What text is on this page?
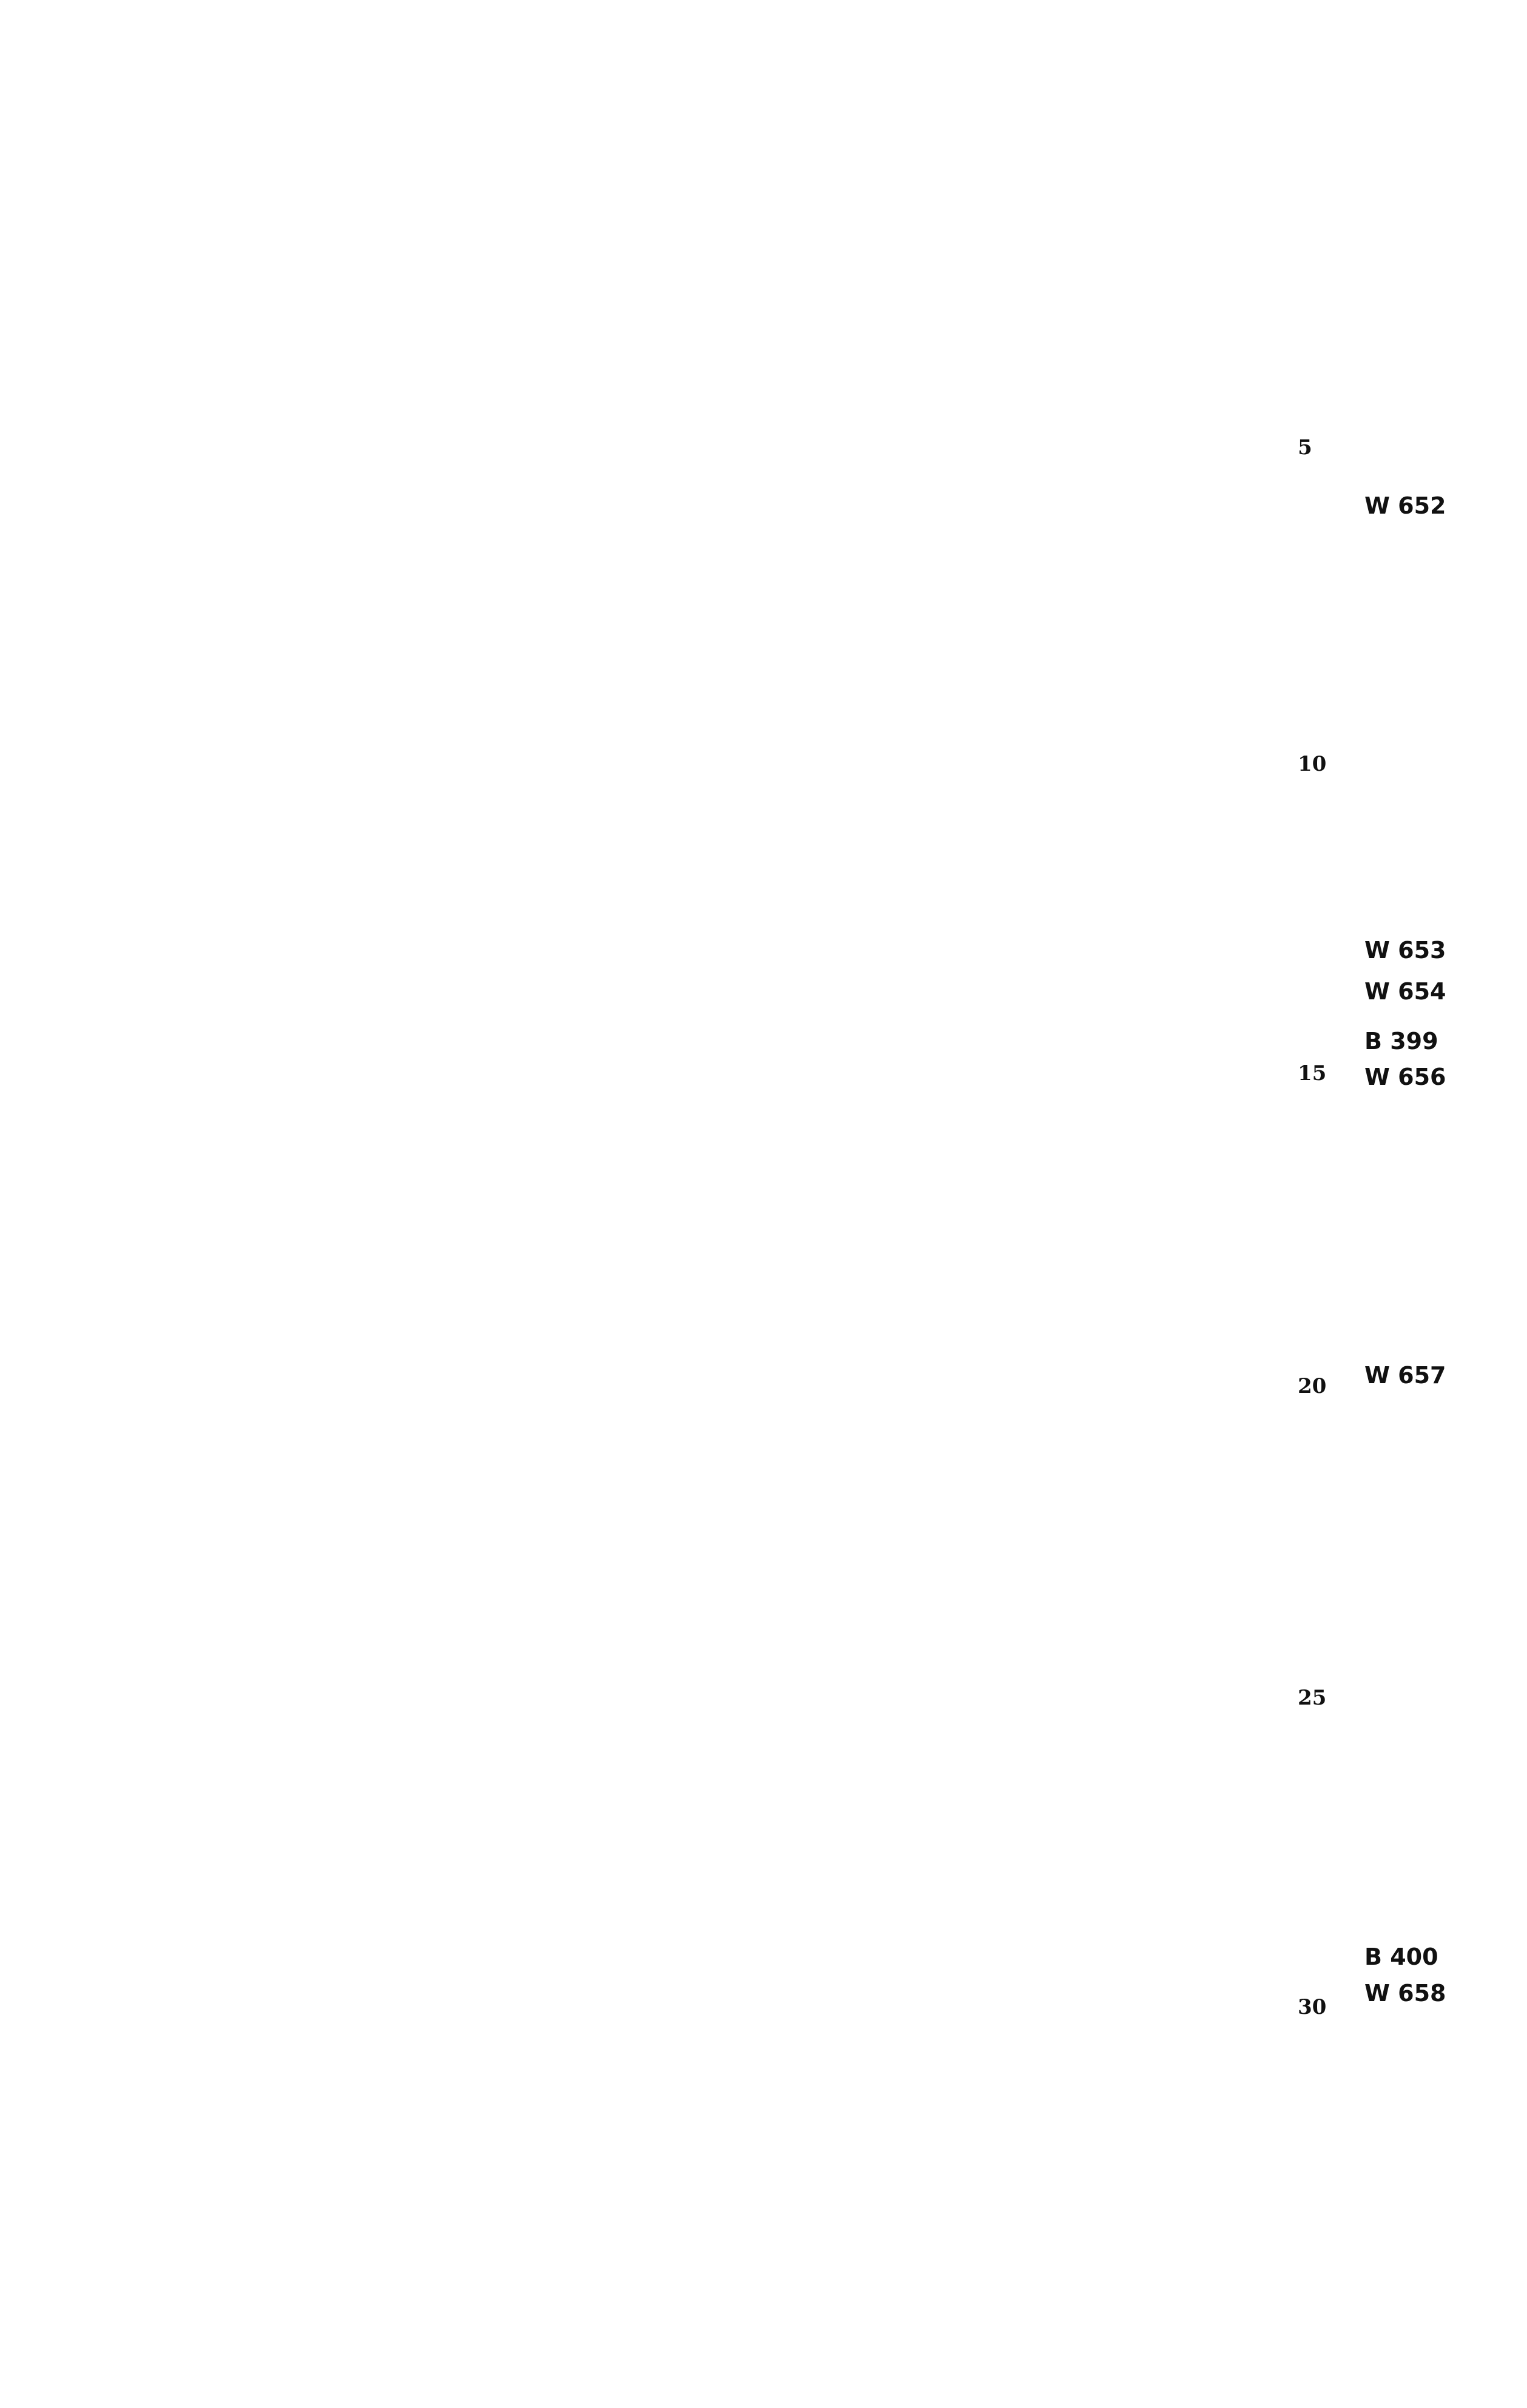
5
10
15
20
25
30
W 652
W 653
W 654
B 399
W 656
W 657
B 400
W 658
